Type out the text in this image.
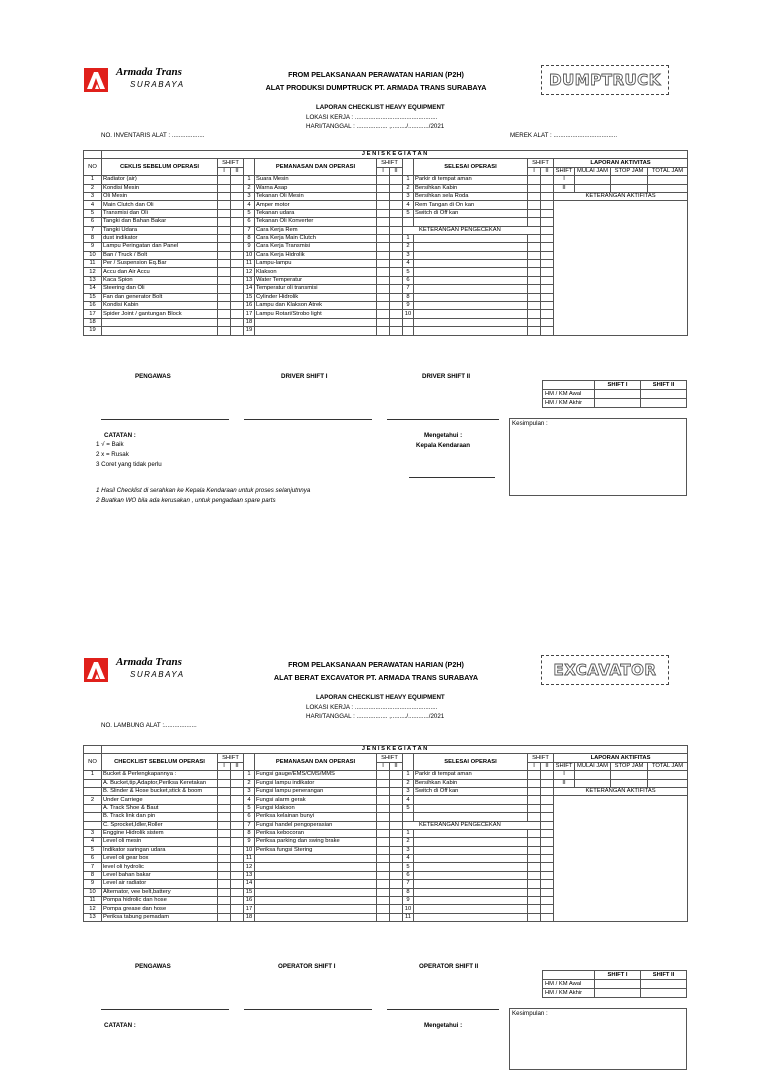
Armada Trans
SURABAYA
FROM PELAKSANAAN PERAWATAN HARIAN (P2H)
ALAT PRODUKSI DUMPTRUCK PT. ARMADA TRANS SURABAYA	DUMPTRUCK
LAPORAN CHECKLIST HEAVY EQUIPMENT
LOKASI KERJA : ................................................
HARI/TANGGAL : .................. ,........./............/2021
NO. INVENTARIS ALAT : ...................	MEREK ALAT : .....................................
	J E N I S K E G I A T A N														
NO	CEKLIS SEBELUM OPERASI	SHIFT			PEMANASAN DAN OPERASI	SHIFT			SELESAI OPERASI	SHIFT		LAPORAN AKTIVITAS			
		I	II			I	II			I	II	SHIFT	MULAI JAM	STOP JAM	TOTAL JAM
1	Radiator (air)			1	Suara Mesin			1	Parkir di tempat aman			I			
2	Kondisi Mesin			2	Warna Asap			2	Bersihkan Kabin			II			
3	Oli Mesin			3	Tekanan Oli Mesin			3	Bersihkan sela Roda			KETERANGAN AKTIFITAS			
4	Main Clutch dan Oli			4	Amper motor			4	Rem Tangan di On kan						
5	Transmisi dan Oli			5	Tekanan udara			5	Switch di Off kan						
6	Tangki dan Bahan Bakar			6	Tekanan Oli Konverter										
7	Tangki Udara			7	Cara Kerja Rem			KETERANGAN PENGECEKAN							
8	dust indikator			8	Cara Kerja Main Clutch			1							
9	Lampu Peringatan dan Panel			9	Cara Kerja Transmisi			2							
10	Ban / Truck / Bolt			10	Cara Kerja Hidrolik			3							
11	Per / Suspension Eq.Bar			11	Lampu-lampu			4							
12	Accu dan Air Accu			12	Klakson			5							
13	Kaca Spion			13	Water Temperatur			6							
14	Steering dan Oli			14	Temperatur oli transmisi			7							
15	Fan dan generator Bolt			15	Cylinder Hidrolik			8							
16	Kondisi Kabin			16	Lampu dan Klakson Atrek			9							
17	Spider Joint / gantungan Block			17	Lampu Rotari/Strobo light			10							
18				18											
19				19											
PENGAWAS	DRIVER SHIFT I	DRIVER SHIFT II
	SHIFT I	SHIFT II
HM / KM Awal		
HM / KM Akhir		
CATATAN :	Mengetahui :
1 √ = Baik
2 x = Rusak
3 Coret yang tidak perlu
Kepala Kendaraan
Kesimpulan :
1 Hasil Checklist di serahkan ke Kepala Kendaraan untuk proses selanjutnnya
2 Buatkan WO bila ada kerusakan , untuk pengadaan spare parts
Armada Trans
SURABAYA
FROM PELAKSANAAN PERAWATAN HARIAN (P2H)
ALAT BERAT EXCAVATOR PT. ARMADA TRANS SURABAYA	EXCAVATOR
LAPORAN CHECKLIST HEAVY EQUIPMENT
LOKASI KERJA : ................................................
HARI/TANGGAL : .................. ,........./............/2021
NO. LAMBUNG ALAT :...................
	J E N I S K E G I A T A N														
NO	CHECKLIST SEBELUM OPERASI	SHIFT			PEMANASAN DAN OPERASI	SHIFT			SELESAI OPERASI	SHIFT		LAPORAN AKTIFITAS			
		I	II			I	II			I	II	SHIFT	MULAI JAM	STOP JAM	TOTAL JAM
1	Bucket & Perlengkapannya :			1	Fungsi gauge/EMS/CMS/MMS			1	Parkir di tempat aman			I			
	A. Bucket,tip,Adaptor,Periksa Keretakan			2	Fungsi lampu indikator			2	Bersihkan Kabin			II			
	B. Slinder & Hose bucket,stick & boom			3	Fungsi lampu penerangan			3	Switch di Off kan			KETERANGAN AKTIFITAS			
2	Under Carriege			4	Fungsi alarm gerak			4							
	A. Track Shoe & Baut			5	Fungsi klakson			5							
	B. Track link dan pin			6	Periksa kelainan bunyi										
	C. Sprocket,Idler,Roller			7	Fungsi handel pengoperasian			KETERANGAN PENGECEKAN							
3	Enggine Hidrolik sistem			8	Periksa kebocoran			1							
4	Level oli mesin			9	Periksa parking dan swing brake			2							
5	Indikator saringan udara			10	Periksa fungsi Stering			3							
6	Level oli gear box			11				4							
7	level oli hydrolic			12				5							
8	Level bahan bakar			13				6							
9	Level air radiator			14				7							
10	Alternator, vee belt,battery			15				8							
11	Pompa hidrolic dan hose			16				9							
12	Pompa grease dan hose			17				10							
13	Periksa tabung pemadam			18				11							
PENGAWAS	OPERATOR SHIFT I	OPERATOR SHIFT II
	SHIFT I	SHIFT II
HM / KM Awal		
HM / KM Akhir		
CATATAN :	Mengetahui :
Kesimpulan :
